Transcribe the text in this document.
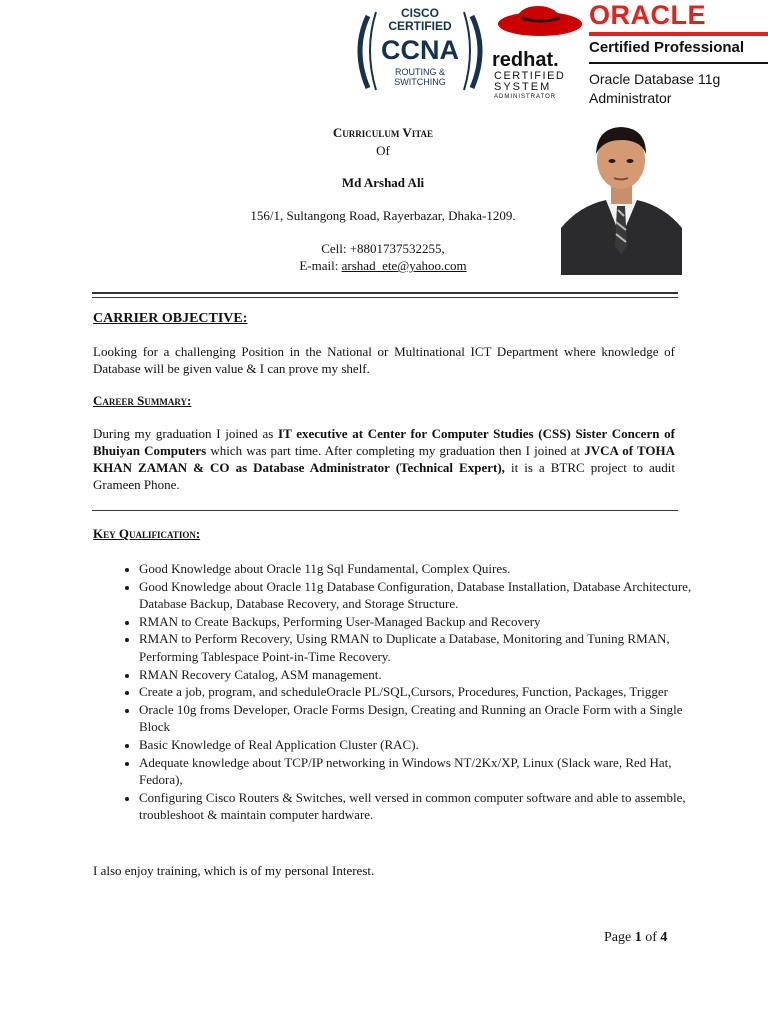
CISCO
CERTIFIED
CCNA
ROUTING &
SWITCHING
redhat.
CERTIFIED
SYSTEM
ADMINISTRATOR
ORACLE
Certified Professional
Oracle Database 11g
Administrator
Curriculum Vitae
Of
Md Arshad Ali
156/1, Sultangong Road, Rayerbazar, Dhaka-1209.
Cell: +8801737532255,
E-mail: arshad_ete@yahoo.com
CARRIER OBJECTIVE:
Looking for a challenging Position in the National or Multinational ICT Department where knowledge of Database will be given value & I can prove my shelf.
Career Summary:
During my graduation I joined as IT executive at Center for Computer Studies (CSS) Sister Concern of Bhuiyan Computers which was part time. After completing my graduation then I joined at JVCA of TOHA KHAN ZAMAN & CO as Database Administrator (Technical Expert), it is a BTRC project to audit Grameen Phone.
Key Qualification:
• Good Knowledge about Oracle 11g Sql Fundamental, Complex Quires.
• Good Knowledge about Oracle 11g Database Configuration, Database Installation, Database Architecture, Database Backup, Database Recovery, and Storage Structure.
• RMAN to Create Backups, Performing User-Managed Backup and Recovery
• RMAN to Perform Recovery, Using RMAN to Duplicate a Database, Monitoring and Tuning RMAN, Performing Tablespace Point-in-Time Recovery.
• RMAN Recovery Catalog, ASM management.
• Create a job, program, and scheduleOracle PL/SQL,Cursors, Procedures, Function, Packages, Trigger
• Oracle 10g froms Developer, Oracle Forms Design, Creating and Running an Oracle Form with a Single Block
• Basic Knowledge of Real Application Cluster (RAC).
• Adequate knowledge about TCP/IP networking in Windows NT/2Kx/XP, Linux (Slack ware, Red Hat, Fedora),
• Configuring Cisco Routers & Switches, well versed in common computer software and able to assemble, troubleshoot & maintain computer hardware.
I also enjoy training, which is of my personal Interest.
Page 1 of 4
